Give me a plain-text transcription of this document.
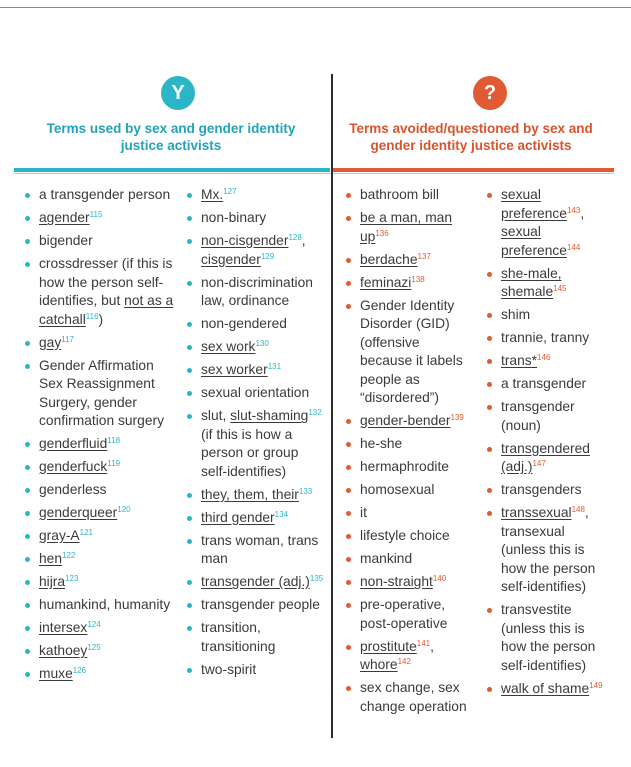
Y	?
Terms used by sex and gender identity justice activists
Terms avoided/questioned by sex and gender identity justice activists
a transgender person
agender$^{115}$
bigender
crossdresser (if this is how the person self-identifies, but not as a catchall$^{116}$)
gay$^{117}$
Gender Affirmation Sex Reassignment Surgery, gender confirmation surgery
genderfluid$^{118}$
genderfuck$^{119}$
genderless
genderqueer$^{120}$
gray-$A^{121}$
hen$^{122}$
hijra$^{123}$
humankind, humanity
intersex$^{124}$
kathoey$^{125}$
muxe$^{126}$
Mx.$^{127}$
non-binary
non-cisgender$^{128}$, cisgender$^{129}$
non-discrimination law, ordinance
non-gendered
sex work$^{130}$
sex worker$^{131}$
sexual orientation
slut, slut-shaming$^{132}$ (if this is how a person or group self-identifies)
they, them, their$^{133}$
third gender$^{134}$
trans woman, trans man
transgender $(adj.)^{135}$
transgender people
transition, transitioning
two-spirit
bathroom bill
be a man, man $up^{136}$
berdache$^{137}$
feminazi$^{138}$
Gender Identity Disorder (GID) (offensive because it labels people as “disordered”)
gender-bender$^{139}$
he-she
hermaphrodite
homosexual
it
lifestyle choice
mankind
non-straight$^{140}$
pre-operative, post-operative
prostitute$^{141}$, whore$^{142}$
sex change, sex change operation
sexual preference$^{143}$, sexual preference$^{144}$
she-male, shemale$^{145}$
shim
trannie, tranny
trans*$^{146}$
a transgender
transgender (noun)
transgendered $(adj.)^{147}$
transgenders
transsexual$^{148}$, transexual (unless this is how the person self-identifies)
transvestite (unless this is how the person self-identifies)
walk of shame$^{149}$
